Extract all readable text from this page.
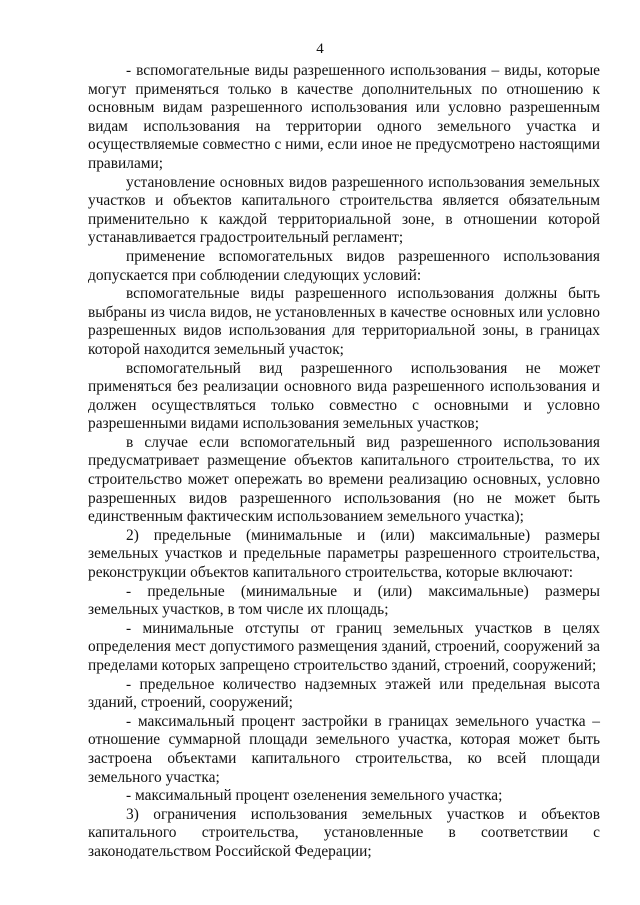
4

- вспомогательные виды разрешенного использования – виды, которые могут применяться только в качестве дополнительных по отношению к основным видам разрешенного использования или условно разрешенным видам использования на территории одного земельного участка и осуществляемые совместно с ними, если иное не предусмотрено настоящими правилами;

установление основных видов разрешенного использования земельных участков и объектов капитального строительства является обязательным применительно к каждой территориальной зоне, в отношении которой устанавливается градостроительный регламент;

применение вспомогательных видов разрешенного использования допускается при соблюдении следующих условий:

вспомогательные виды разрешенного использования должны быть выбраны из числа видов, не установленных в качестве основных или условно разрешенных видов использования для территориальной зоны, в границах которой находится земельный участок;

вспомогательный вид разрешенного использования не может применяться без реализации основного вида разрешенного использования и должен осуществляться только совместно с основными и условно разрешенными видами использования земельных участков;

в случае если вспомогательный вид разрешенного использования предусматривает размещение объектов капитального строительства, то их строительство может опережать во времени реализацию основных, условно разрешенных видов разрешенного использования (но не может быть единственным фактическим использованием земельного участка);

2) предельные (минимальные и (или) максимальные) размеры земельных участков и предельные параметры разрешенного строительства, реконструкции объектов капитального строительства, которые включают:

- предельные (минимальные и (или) максимальные) размеры земельных участков, в том числе их площадь;

- минимальные отступы от границ земельных участков в целях определения мест допустимого размещения зданий, строений, сооружений за пределами которых запрещено строительство зданий, строений, сооружений;

- предельное количество надземных этажей или предельная высота зданий, строений, сооружений;

- максимальный процент застройки в границах земельного участка – отношение суммарной площади земельного участка, которая может быть застроена объектами капитального строительства, ко всей площади земельного участка;

- максимальный процент озеленения земельного участка;

3) ограничения использования земельных участков и объектов капитального строительства, установленные в соответствии с законодательством Российской Федерации;
